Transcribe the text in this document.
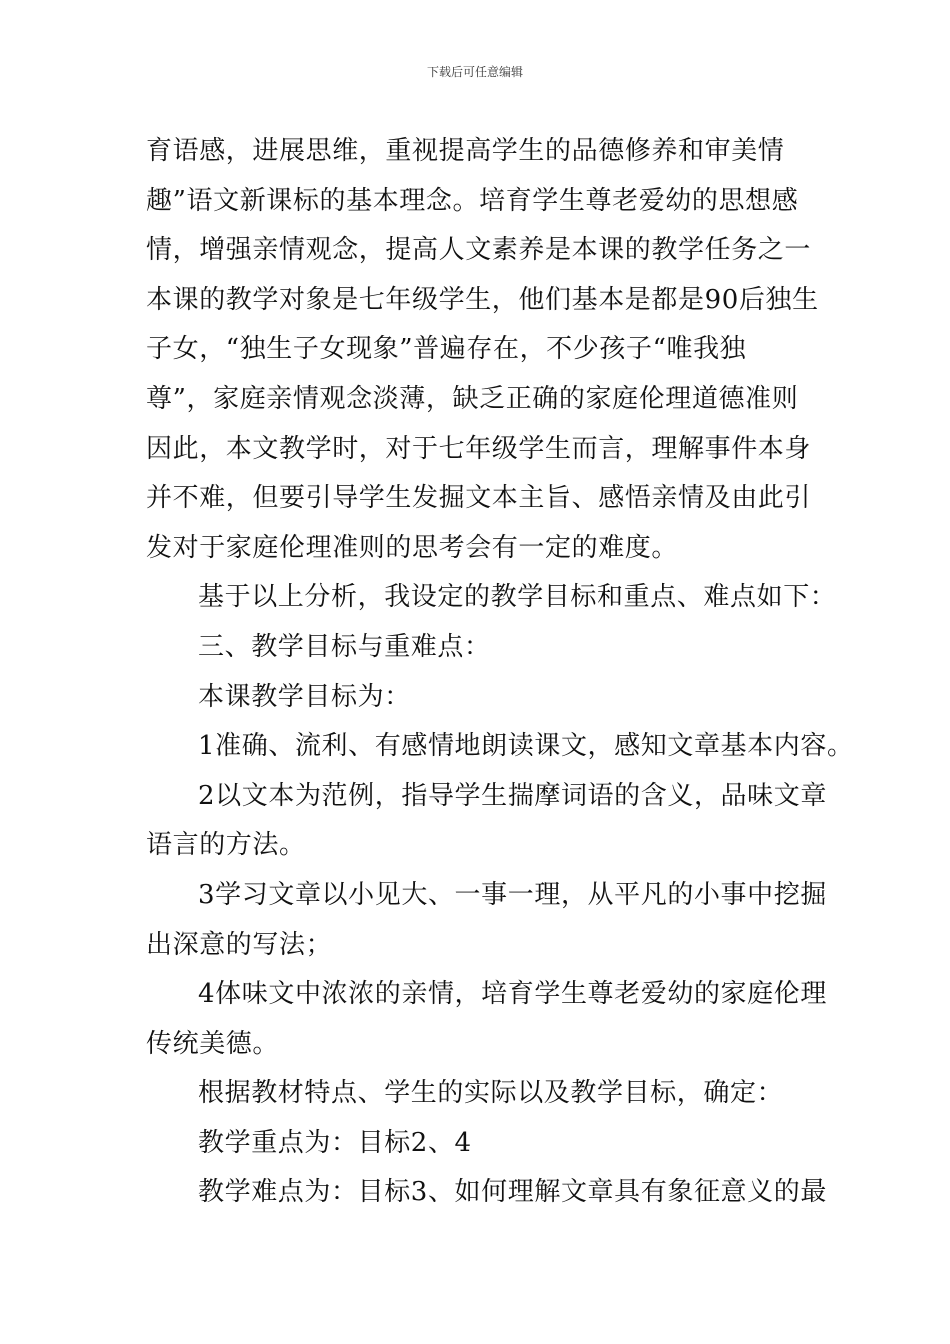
下载后可任意编辑
育语感，进展思维，重视提高学生的品德修养和审美情
趣”语文新课标的基本理念。培育学生尊老爱幼的思想感
情，增强亲情观念，提高人文素养是本课的教学任务之一
本课的教学对象是七年级学生，他们基本是都是90后独生
子女，“独生子女现象”普遍存在，不少孩子“唯我独
尊”，家庭亲情观念淡薄，缺乏正确的家庭伦理道德准则
因此，本文教学时，对于七年级学生而言，理解事件本身
并不难，但要引导学生发掘文本主旨、感悟亲情及由此引
发对于家庭伦理准则的思考会有一定的难度。
基于以上分析，我设定的教学目标和重点、难点如下：
三、教学目标与重难点：
本课教学目标为：
1准确、流利、有感情地朗读课文，感知文章基本内容。
2以文本为范例，指导学生揣摩词语的含义，品味文章
语言的方法。
3学习文章以小见大、一事一理，从平凡的小事中挖掘
出深意的写法；
4体味文中浓浓的亲情，培育学生尊老爱幼的家庭伦理
传统美德。
根据教材特点、学生的实际以及教学目标，确定：
教学重点为：目标2、4
教学难点为：目标3、如何理解文章具有象征意义的最
